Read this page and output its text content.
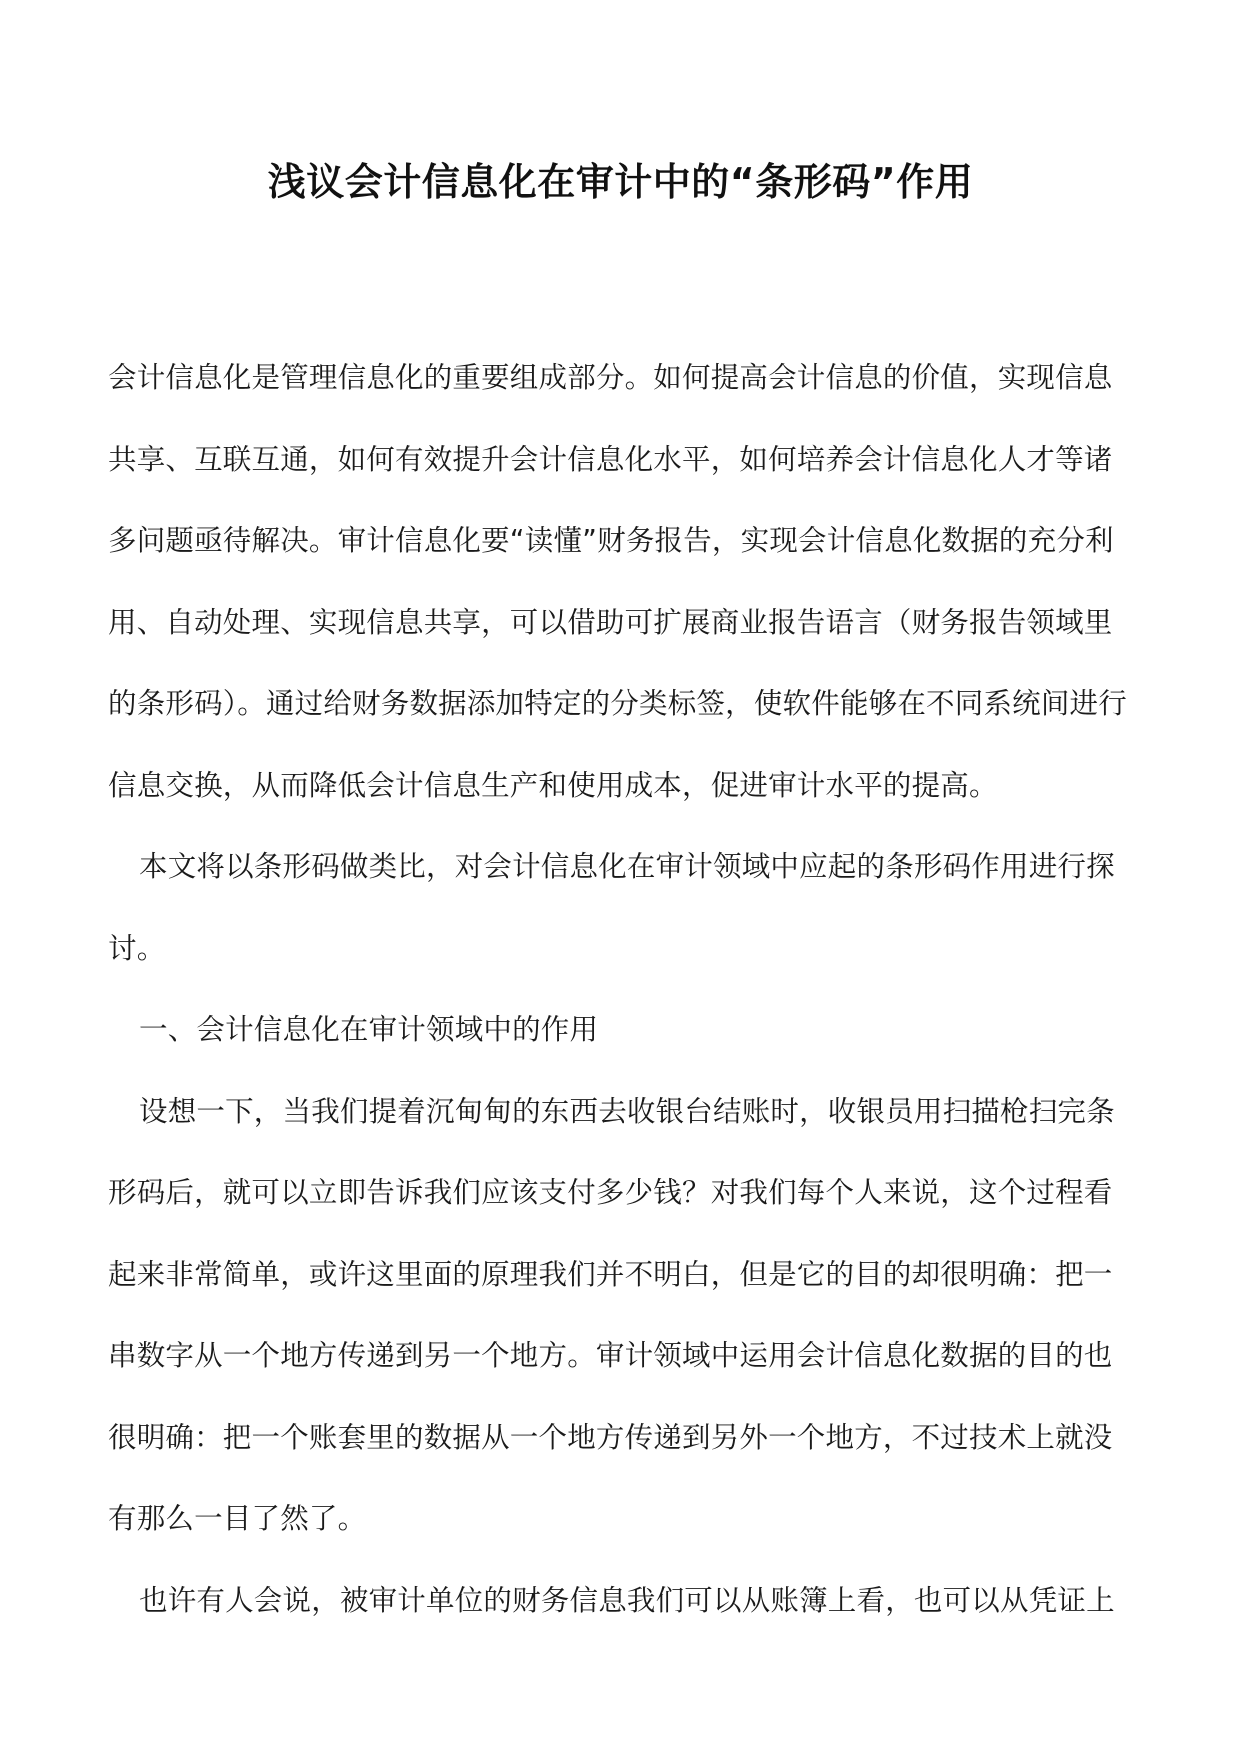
浅议会计信息化在审计中的“条形码”作用

会计信息化是管理信息化的重要组成部分。如何提高会计信息的价值，实现信息共享、互联互通，如何有效提升会计信息化水平，如何培养会计信息化人才等诸多问题亟待解决。审计信息化要“读懂”财务报告，实现会计信息化数据的充分利用、自动处理、实现信息共享，可以借助可扩展商业报告语言（财务报告领域里的条形码）。通过给财务数据添加特定的分类标签，使软件能够在不同系统间进行信息交换，从而降低会计信息生产和使用成本，促进审计水平的提高。

本文将以条形码做类比，对会计信息化在审计领域中应起的条形码作用进行探讨。

一、会计信息化在审计领域中的作用

设想一下，当我们提着沉甸甸的东西去收银台结账时，收银员用扫描枪扫完条形码后，就可以立即告诉我们应该支付多少钱？对我们每个人来说，这个过程看起来非常简单，或许这里面的原理我们并不明白，但是它的目的却很明确：把一串数字从一个地方传递到另一个地方。审计领域中运用会计信息化数据的目的也很明确：把一个账套里的数据从一个地方传递到另外一个地方，不过技术上就没有那么一目了然了。

也许有人会说，被审计单位的财务信息我们可以从账簿上看，也可以从凭证上
